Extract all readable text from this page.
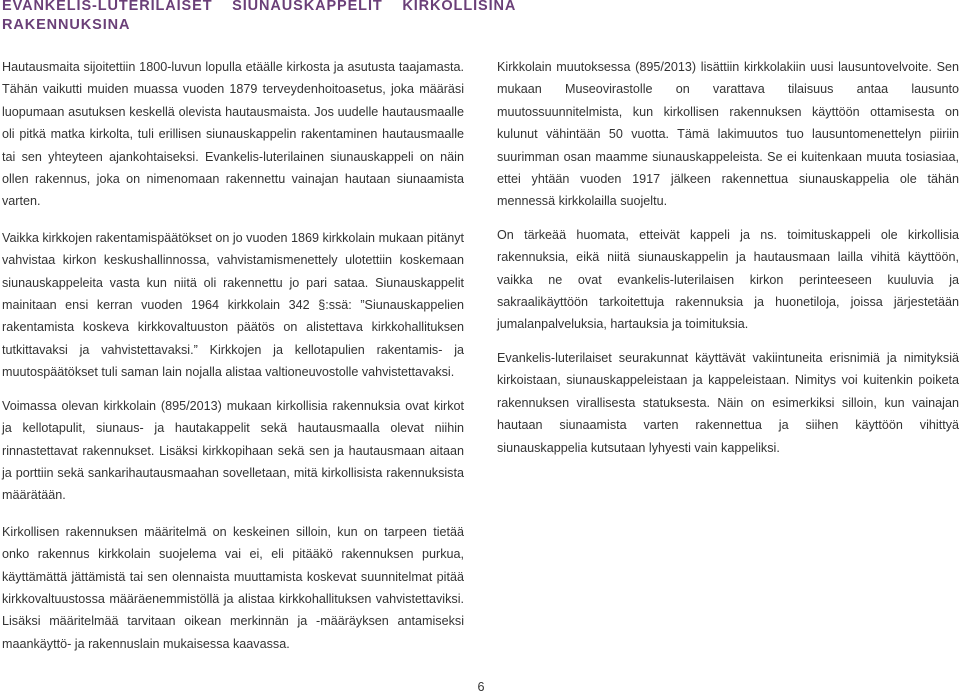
EVANKELIS-LUTERILAISET    SIUNAUSKAPPELIT    KIRKOLLISINA
RAKENNUKSINA

Hautausmaita sijoitettiin 1800-luvun lopulla etäälle kirkosta ja asutusta taajamasta. Tähän vaikutti muiden muassa vuoden 1879 terveydenhoitoasetus, joka määräsi luopumaan asutuksen keskellä olevista hautausmaista. Jos uudelle hautausmaalle oli pitkä matka kirkolta, tuli erillisen siunauskappelin rakentaminen hautausmaalle tai sen yhteyteen ajankohtaiseksi. Evankelis-luterilainen siunauskappeli on näin ollen rakennus, joka on nimenomaan rakennettu vainajan hautaan siunaamista varten.

Vaikka kirkkojen rakentamispäätökset on jo vuoden 1869 kirkkolain mukaan pitänyt vahvistaa kirkon keskushallinnossa, vahvistamismenettely ulotettiin koskemaan siunauskappeleita vasta kun niitä oli rakennettu jo pari sataa. Siunauskappelit mainitaan ensi kerran vuoden 1964 kirkkolain 342 §:ssä: ”Siunauskappelien rakentamista koskeva kirkkovaltuuston päätös on alistettava kirkkohallituksen tutkittavaksi ja vahvistettavaksi.” Kirkkojen ja kellotapulien rakentamis- ja muutospäätökset tuli saman lain nojalla alistaa valtioneuvostolle vahvistettavaksi.

Voimassa olevan kirkkolain (895/2013) mukaan kirkollisia rakennuksia ovat kirkot ja kellotapulit, siunaus- ja hautakappelit sekä hautausmaalla olevat niihin rinnastettavat rakennukset. Lisäksi kirkkopihaan sekä sen ja hautausmaan aitaan ja porttiin sekä sankarihautausmaahan sovelletaan, mitä kirkollisista rakennuksista määrätään.

Kirkollisen rakennuksen määritelmä on keskeinen silloin, kun on tarpeen tietää onko rakennus kirkkolain suojelema vai ei, eli pitääkö rakennuksen purkua, käyttämättä jättämistä tai sen olennaista muuttamista koskevat suunnitelmat pitää kirkkovaltuustossa määräenemmistöllä ja alistaa kirkkohallituksen vahvistettaviksi. Lisäksi määritelmää tarvitaan oikean merkinnän ja -määräyksen antamiseksi maankäyttö- ja rakennuslain mukaisessa kaavassa.

Kirkkolain muutoksessa (895/2013) lisättiin kirkkolakiin uusi lausuntovelvoite. Sen mukaan Museovirastolle on varattava tilaisuus antaa lausunto muutossuunnitelmista, kun kirkollisen rakennuksen käyttöön ottamisesta on kulunut vähintään 50 vuotta. Tämä lakimuutos tuo lausuntomenettelyn piiriin suurimman osan maamme siunauskappeleista. Se ei kuitenkaan muuta tosiasiaa, ettei yhtään vuoden 1917 jälkeen rakennettua siunauskappelia ole tähän mennessä kirkkolailla suojeltu.

On tärkeää huomata, etteivät kappeli ja ns. toimituskappeli ole kirkollisia rakennuksia, eikä niitä siunauskappelin ja hautausmaan lailla vihitä käyttöön, vaikka ne ovat evankelis-luterilaisen kirkon perinteeseen kuuluvia ja sakraalikäyttöön tarkoitettuja rakennuksia ja huonetiloja, joissa järjestetään jumalanpalveluksia, hartauksia ja toimituksia.

Evankelis-luterilaiset seurakunnat käyttävät vakiintuneita erisnimiä ja nimityksiä kirkoistaan, siunauskappeleistaan ja kappeleistaan. Nimitys voi kuitenkin poiketa rakennuksen virallisesta statuksesta. Näin on esimerkiksi silloin, kun vainajan hautaan siunaamista varten rakennettua ja siihen käyttöön vihittyä siunauskappelia kutsutaan lyhyesti vain kappeliksi.

6
